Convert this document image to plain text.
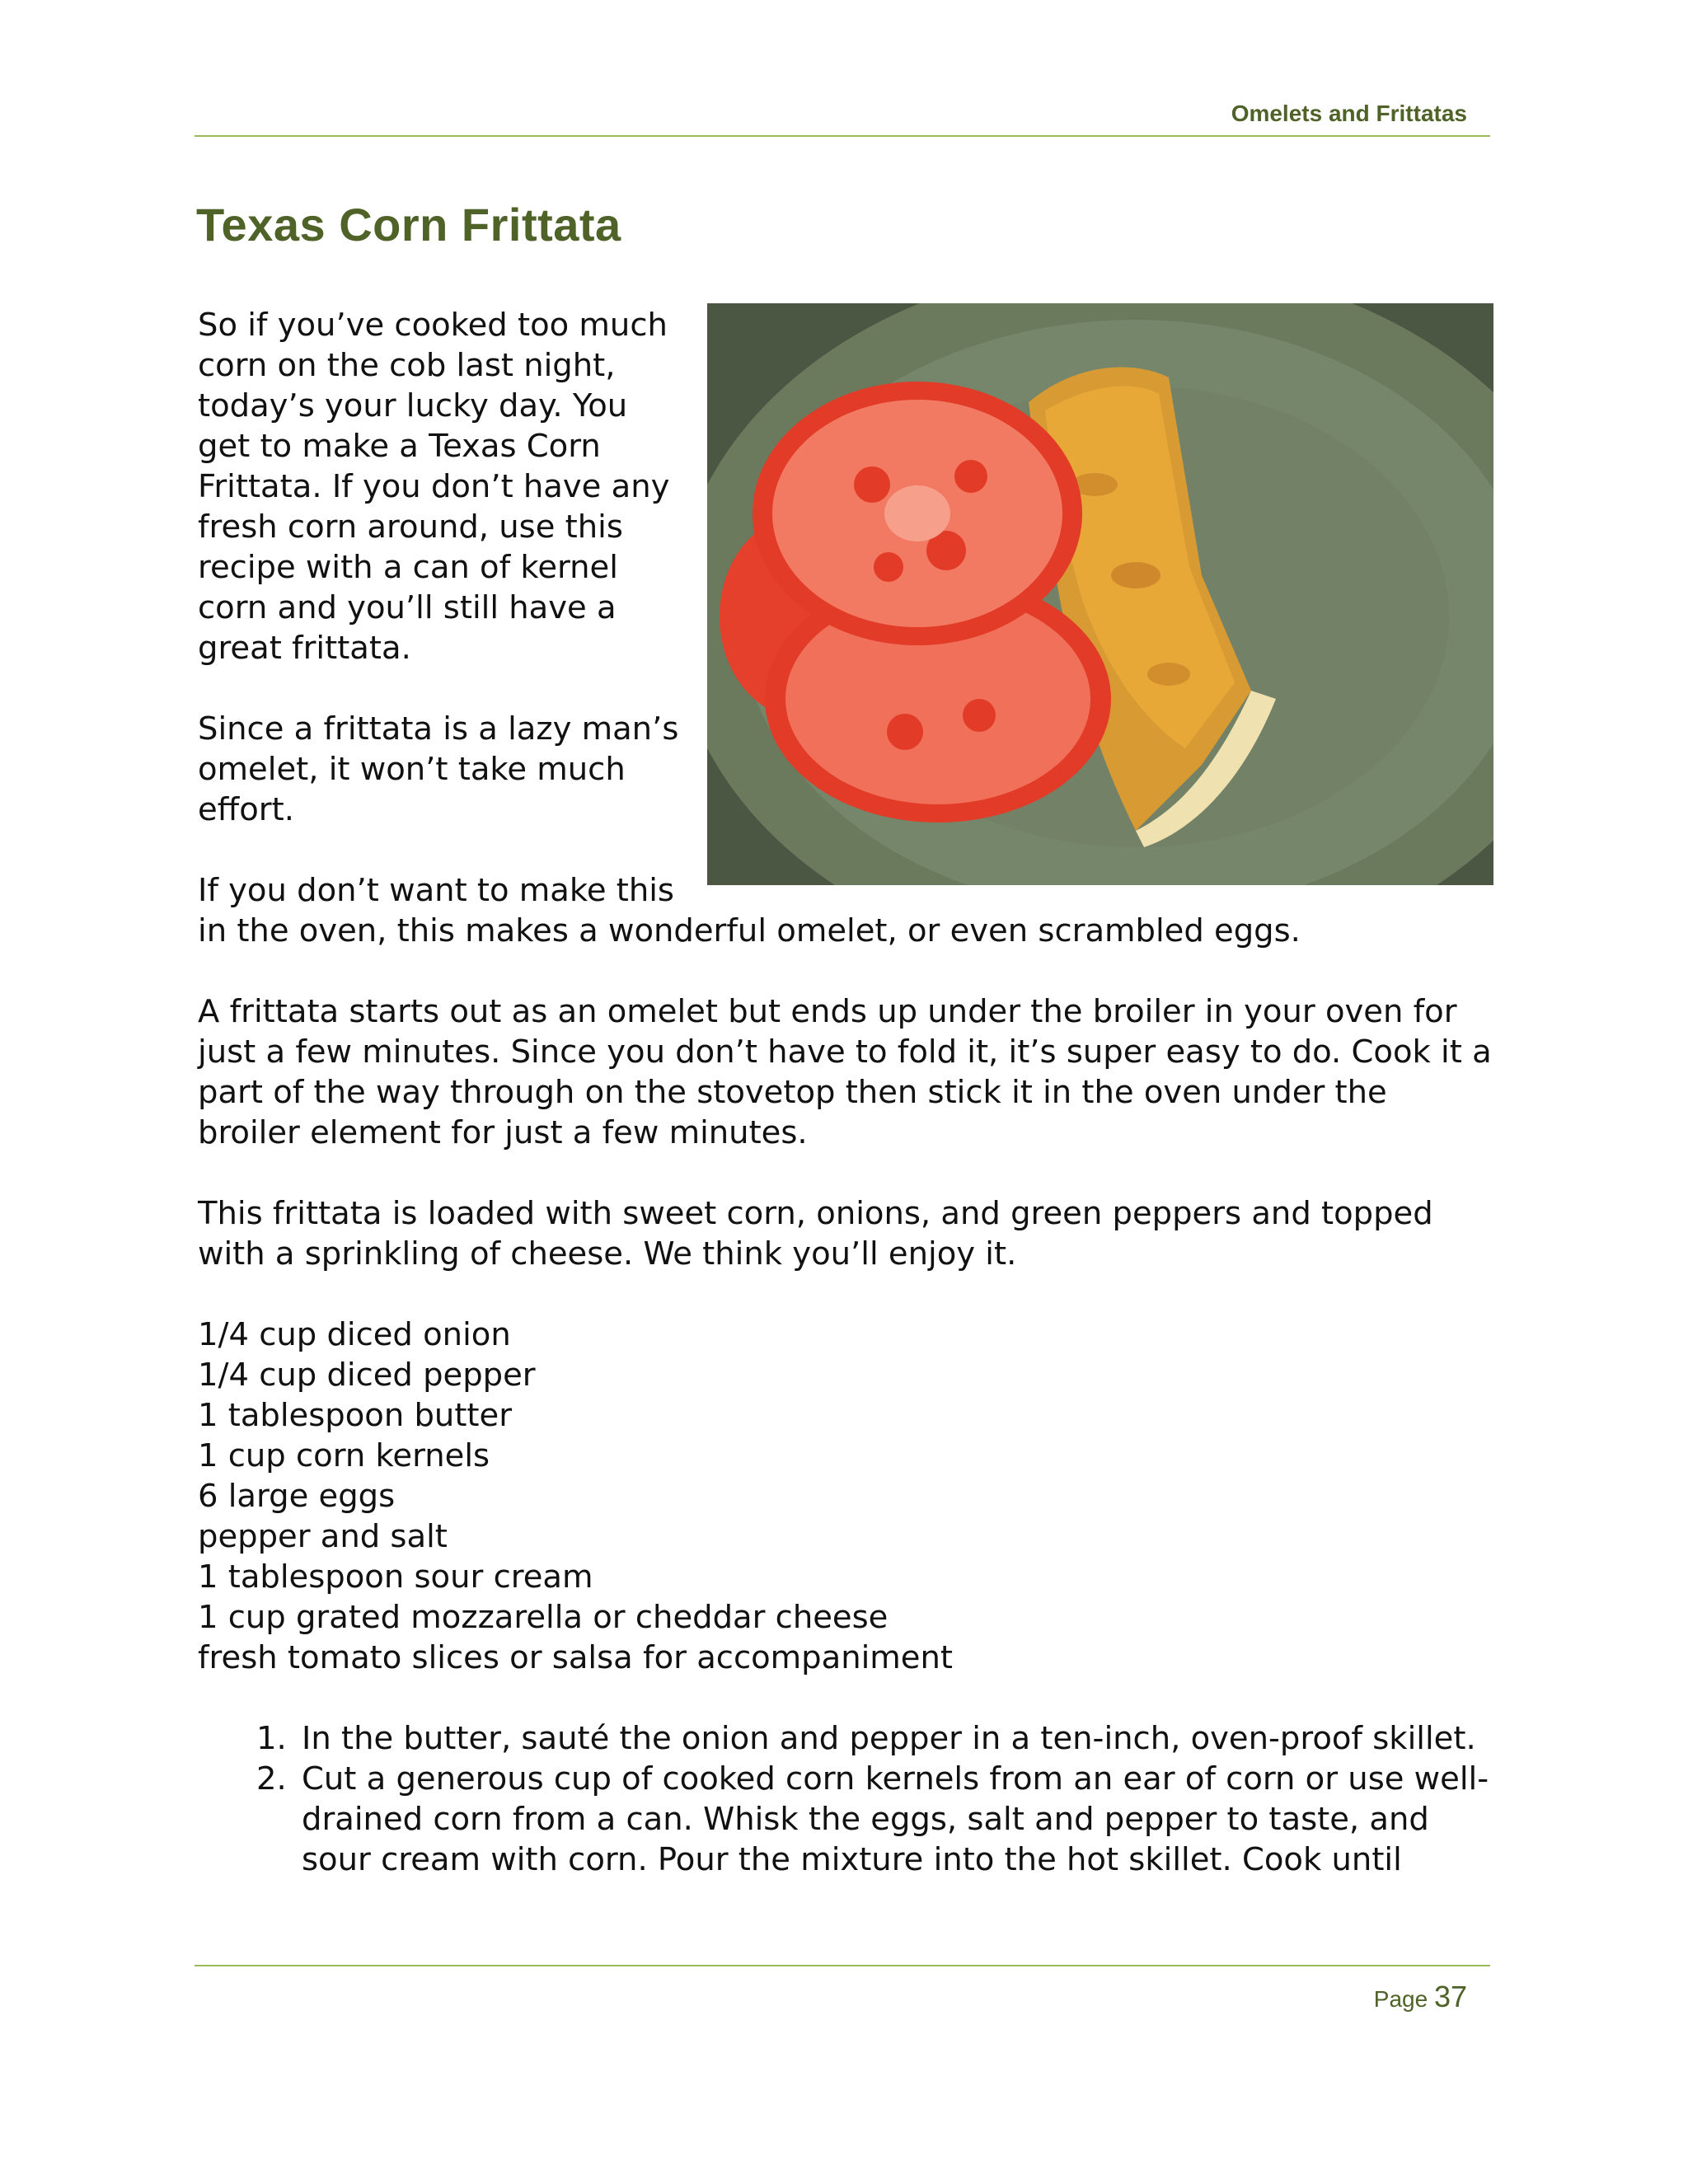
Omelets and Frittatas
Texas Corn Frittata

So if you’ve cooked too much corn on the cob last night, today’s your lucky day. You get to make a Texas Corn Frittata. If you don’t have any fresh corn around, use this recipe with a can of kernel corn and you’ll still have a great frittata.

Since a frittata is a lazy man’s omelet, it won’t take much effort.

If you don’t want to make this in the oven, this makes a wonderful omelet, or even scrambled eggs.

A frittata starts out as an omelet but ends up under the broiler in your oven for just a few minutes. Since you don’t have to fold it, it’s super easy to do. Cook it a part of the way through on the stovetop then stick it in the oven under the broiler element for just a few minutes.

This frittata is loaded with sweet corn, onions, and green peppers and topped with a sprinkling of cheese. We think you’ll enjoy it.

1/4 cup diced onion
1/4 cup diced pepper
1 tablespoon butter
1 cup corn kernels
6 large eggs
pepper and salt
1 tablespoon sour cream
1 cup grated mozzarella or cheddar cheese
fresh tomato slices or salsa for accompaniment
1. In the butter, sauté the onion and pepper in a ten-inch, oven-proof skillet.
2. Cut a generous cup of cooked corn kernels from an ear of corn or use well-drained corn from a can. Whisk the eggs, salt and pepper to taste, and sour cream with corn. Pour the mixture into the hot skillet. Cook until
Page 37
